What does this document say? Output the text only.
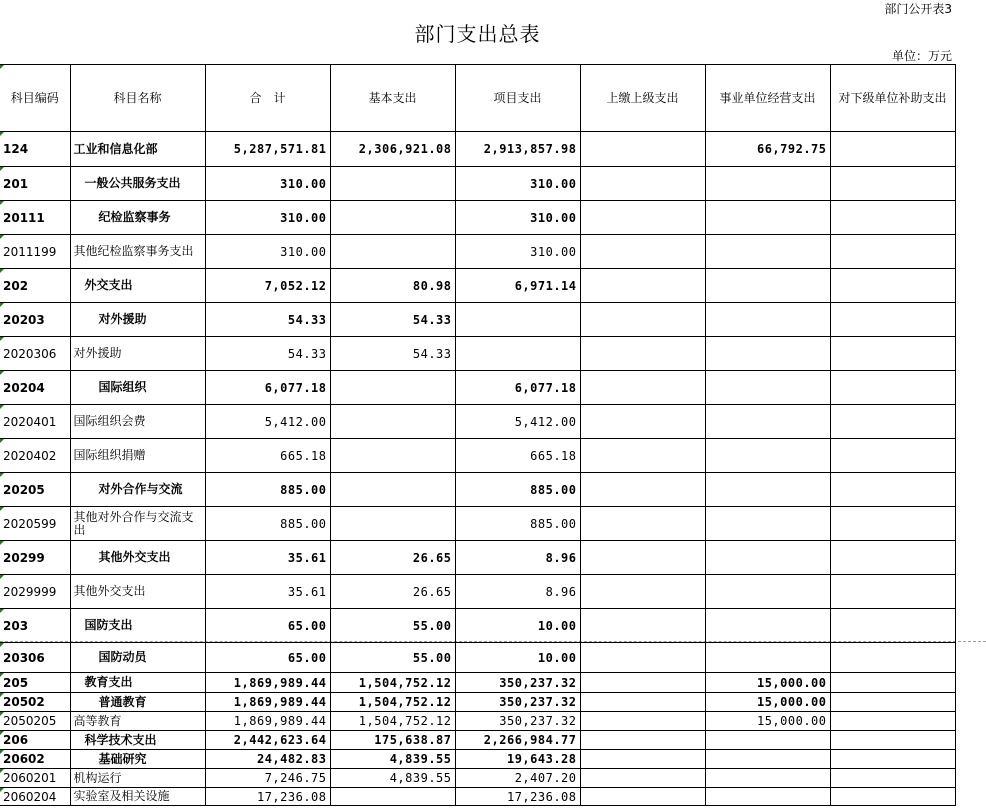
部门公开表3
部门支出总表
单位：万元
科目编码	科目名称	合　计	基本支出	项目支出	上缴上级支出	事业单位经营支出	对下级单位补助支出
124	工业和信息化部	5,287,571.81	2,306,921.08	2,913,857.98		66,792.75	
201	一般公共服务支出	310.00		310.00			
20111	纪检监察事务	310.00		310.00			
2011199	其他纪检监察事务支出	310.00		310.00			
202	外交支出	7,052.12	80.98	6,971.14			
20203	对外援助	54.33	54.33				
2020306	对外援助	54.33	54.33				
20204	国际组织	6,077.18		6,077.18			
2020401	国际组织会费	5,412.00		5,412.00			
2020402	国际组织捐赠	665.18		665.18			
20205	对外合作与交流	885.00		885.00			
2020599	其他对外合作与交流支出	885.00		885.00			
20299	其他外交支出	35.61	26.65	8.96			
2029999	其他外交支出	35.61	26.65	8.96			
203	国防支出	65.00	55.00	10.00			
20306	国防动员	65.00	55.00	10.00			
205	教育支出	1,869,989.44	1,504,752.12	350,237.32		15,000.00	
20502	普通教育	1,869,989.44	1,504,752.12	350,237.32		15,000.00	
2050205	高等教育	1,869,989.44	1,504,752.12	350,237.32		15,000.00	
206	科学技术支出	2,442,623.64	175,638.87	2,266,984.77			
20602	基础研究	24,482.83	4,839.55	19,643.28			
2060201	机构运行	7,246.75	4,839.55	2,407.20			
2060204	实验室及相关设施	17,236.08		17,236.08			
